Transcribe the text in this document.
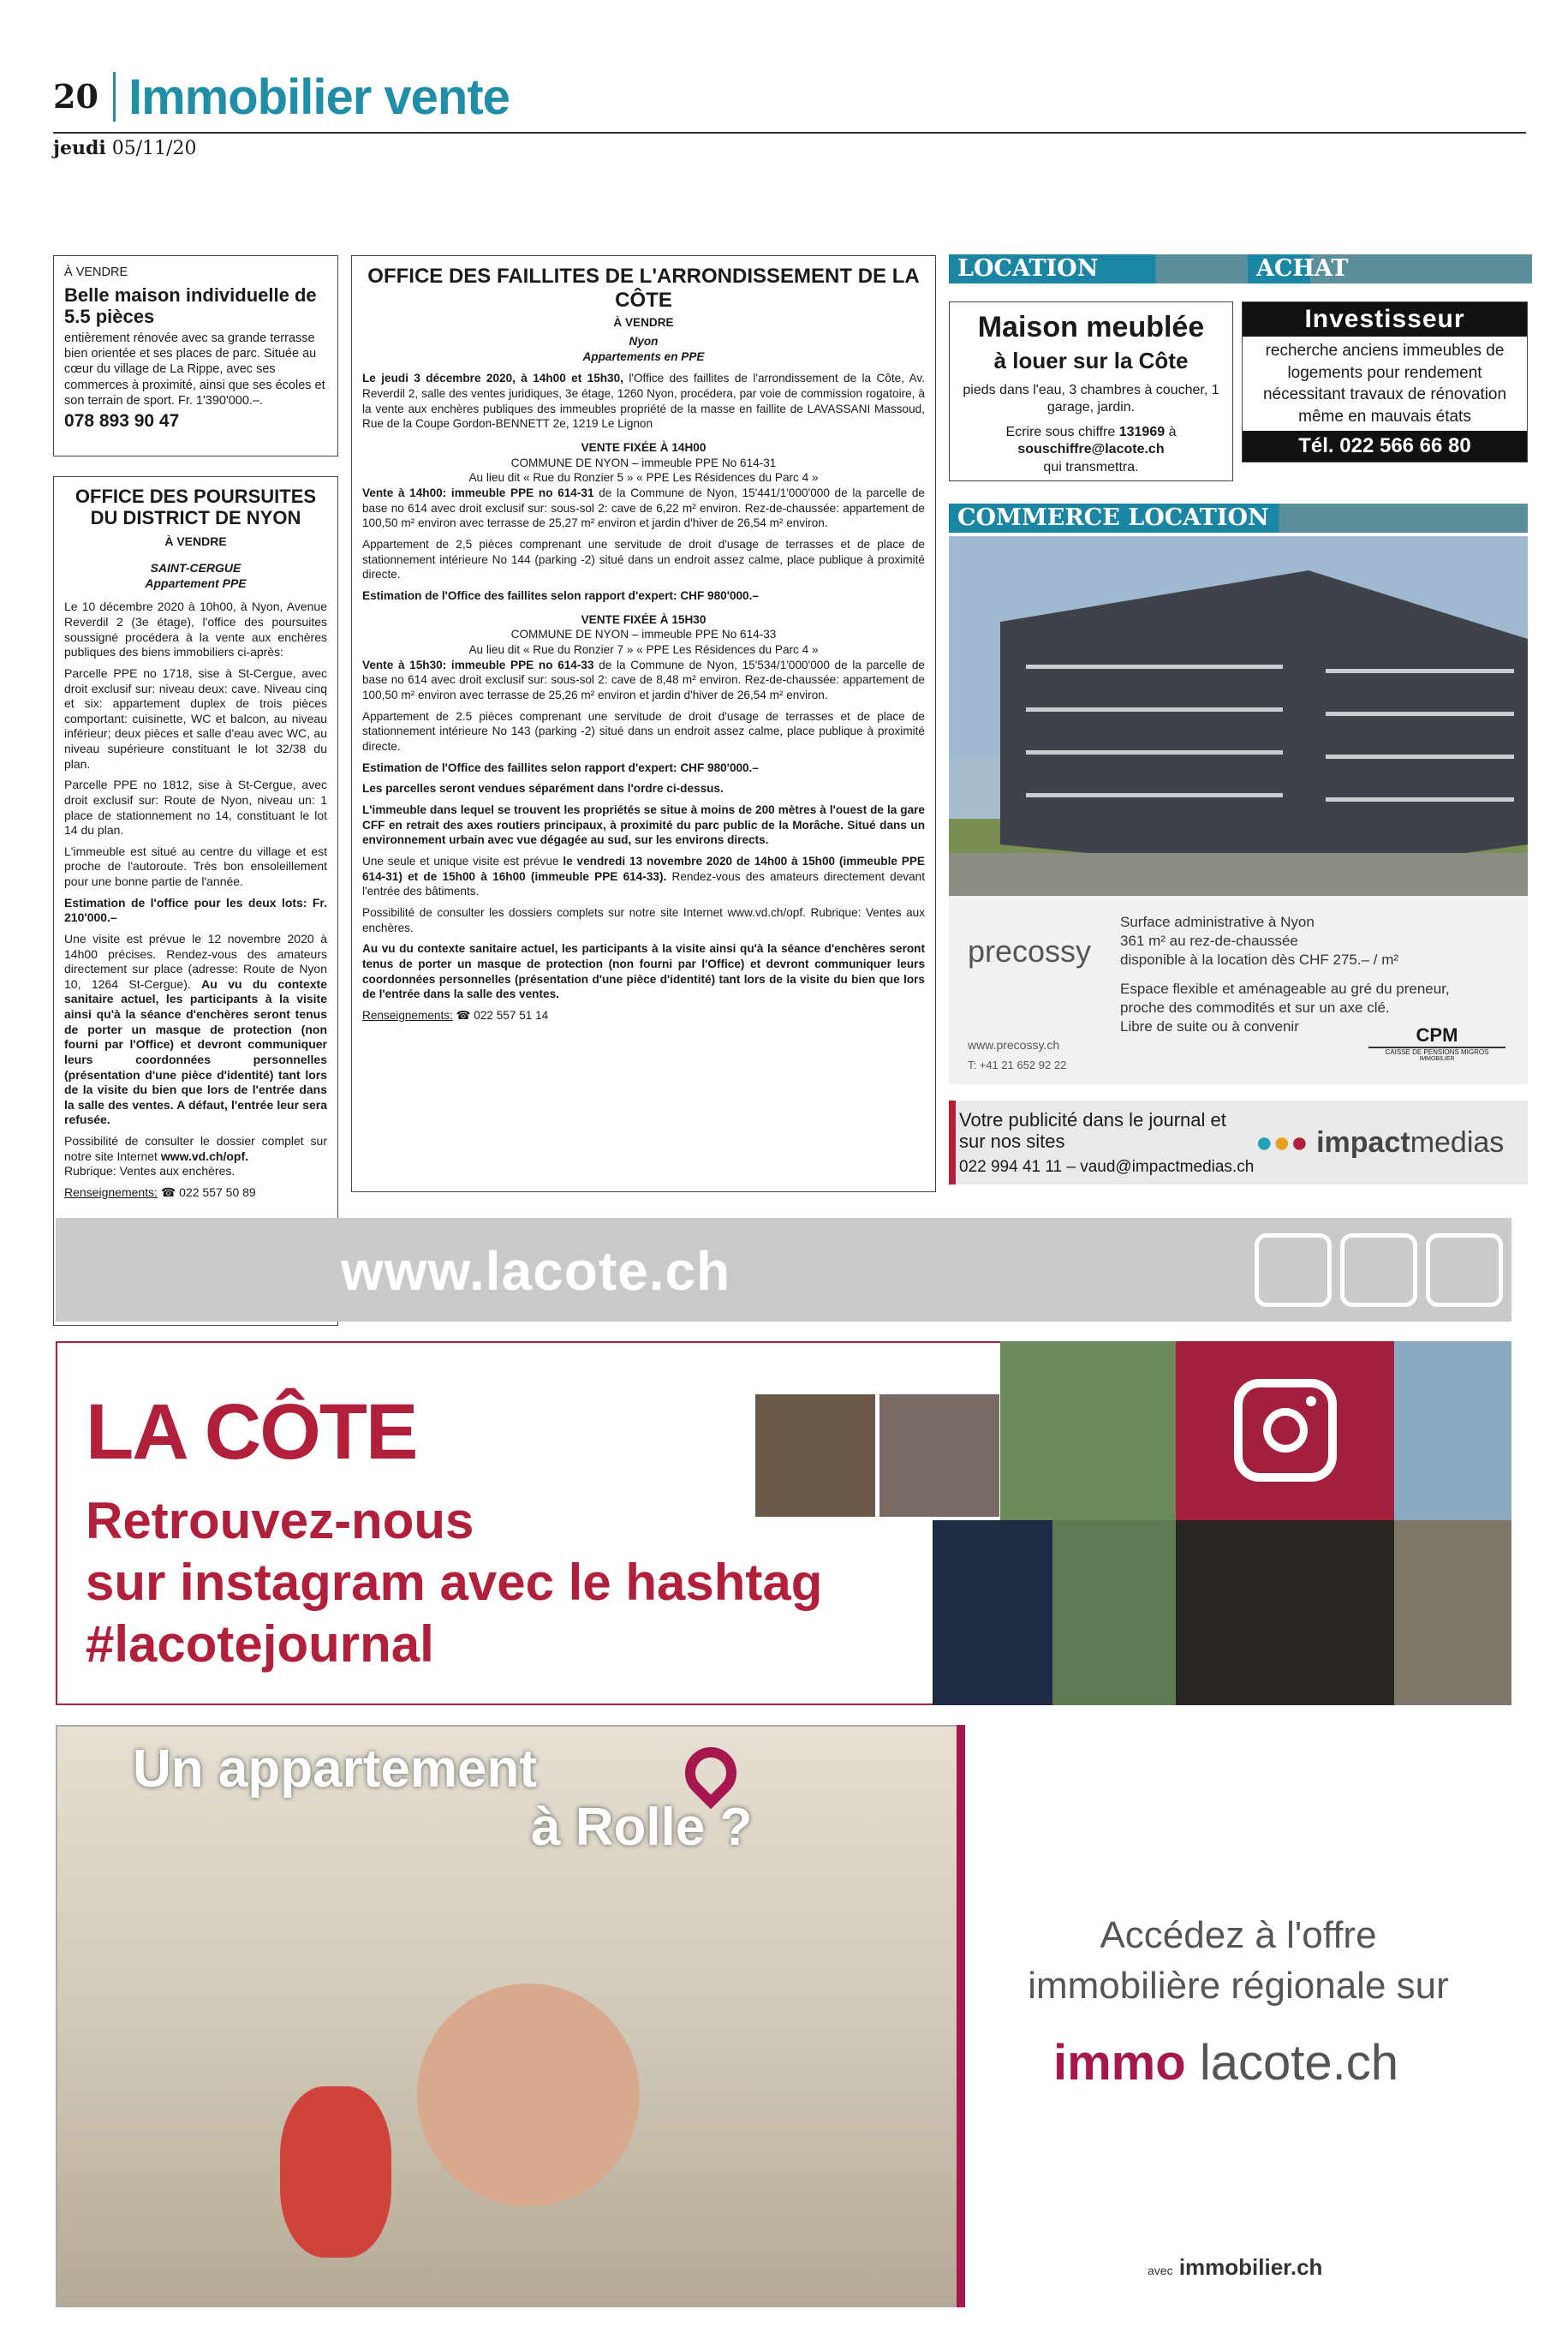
20 Immobilier vente
jeudi 05/11/20
À VENDRE
Belle maison individuelle de 5.5 pièces
entièrement rénovée avec sa grande terrasse bien orientée et ses places de parc. Située au cœur du village de La Rippe, avec ses commerces à proximité, ainsi que ses écoles et son terrain de sport. Fr. 1'390'000.–.
078 893 90 47
OFFICE DES POURSUITES DU DISTRICT DE NYON
À VENDRE
SAINT-CERGUE
Appartement PPE

Le 10 décembre 2020 à 10h00, à Nyon, Avenue Reverdil 2 (3e étage), l'office des poursuites soussigné procédera à la vente aux enchères publiques des biens immobiliers ci-après:

Parcelle PPE no 1718, sise à St-Cergue, avec droit exclusif sur: niveau deux: cave. Niveau cinq et six: appartement duplex de trois pièces comportant: cuisinette, WC et balcon, au niveau inférieur; deux pièces et salle d'eau avec WC, au niveau supérieure constituant le lot 32/38 du plan.

Parcelle PPE no 1812, sise à St-Cergue, avec droit exclusif sur: Route de Nyon, niveau un: 1 place de stationnement no 14, constituant le lot 14 du plan.

L'immeuble est situé au centre du village et est proche de l'autoroute. Très bon ensoleillement pour une bonne partie de l'année.

Estimation de l'office pour les deux lots: Fr. 210'000.–

Une visite est prévue le 12 novembre 2020 à 14h00 précises. Rendez-vous des amateurs directement sur place (adresse: Route de Nyon 10, 1264 St-Cergue). Au vu du contexte sanitaire actuel, les participants à la visite ainsi qu'à la séance d'enchères seront tenus de porter un masque de protection (non fourni par l'Office) et devront communiquer leurs coordonnées personnelles (présentation d'une pièce d'identité) tant lors de la visite du bien que lors de l'entrée dans la salle des ventes. A défaut, l'entrée leur sera refusée.

Possibilité de consulter le dossier complet sur notre site Internet www.vd.ch/opf.
Rubrique: Ventes aux enchères.

Renseignements: ☎ 022 557 50 89
OFFICE DES FAILLITES DE L'ARRONDISSEMENT DE LA CÔTE
À VENDRE
Nyon
Appartements en PPE

Le jeudi 3 décembre 2020, à 14h00 et 15h30, l'Office des faillites de l'arrondissement de la Côte, Av. Reverdil 2, salle des ventes juridiques, 3e étage, 1260 Nyon, procédera, par voie de commission rogatoire, à la vente aux enchères publiques des immeubles propriété de la masse en faillite de LAVASSANI Massoud, Rue de la Coupe Gordon-BENNETT 2e, 1219 Le Lignon

VENTE FIXÉE À 14H00
COMMUNE DE NYON – immeuble PPE No 614-31
Au lieu dit « Rue du Ronzier 5 » « PPE Les Résidences du Parc 4 »

Vente à 14h00: immeuble PPE no 614-31 de la Commune de Nyon, 15'441/1'000'000 de la parcelle de base no 614 avec droit exclusif sur: sous-sol 2: cave de 6,22 m² environ. Rez-de-chaussée: appartement de 100,50 m² environ avec terrasse de 25,27 m² environ et jardin d'hiver de 26,54 m² environ.

Appartement de 2,5 pièces comprenant une servitude de droit d'usage de terrasses et de place de stationnement intérieure No 144 (parking -2) situé dans un endroit assez calme, place publique à proximité directe.

Estimation de l'Office des faillites selon rapport d'expert: CHF 980'000.–

VENTE FIXÉE À 15H30
COMMUNE DE NYON – immeuble PPE No 614-33
Au lieu dit « Rue du Ronzier 7 » « PPE Les Résidences du Parc 4 »

Vente à 15h30: immeuble PPE no 614-33 de la Commune de Nyon, 15'534/1'000'000 de la parcelle de base no 614 avec droit exclusif sur: sous-sol 2: cave de 8,48 m² environ. Rez-de-chaussée: appartement de 100,50 m² environ avec terrasse de 25,26 m² environ et jardin d'hiver de 26,54 m² environ.

Appartement de 2.5 pièces comprenant une servitude de droit d'usage de terrasses et de place de stationnement intérieure No 143 (parking -2) situé dans un endroit assez calme, place publique à proximité directe.

Estimation de l'Office des faillites selon rapport d'expert: CHF 980'000.–

Les parcelles seront vendues séparément dans l'ordre ci-dessus.

L'immeuble dans lequel se trouvent les propriétés se situe à moins de 200 mètres à l'ouest de la gare CFF en retrait des axes routiers principaux, à proximité du parc public de la Morâche. Situé dans un environnement urbain avec vue dégagée au sud, sur les environs directs.

Une seule et unique visite est prévue le vendredi 13 novembre 2020 de 14h00 à 15h00 (immeuble PPE 614-31) et de 15h00 à 16h00 (immeuble PPE 614-33). Rendez-vous des amateurs directement devant l'entrée des bâtiments.

Possibilité de consulter les dossiers complets sur notre site Internet www.vd.ch/opf. Rubrique: Ventes aux enchères.

Au vu du contexte sanitaire actuel, les participants à la visite ainsi qu'à la séance d'enchères seront tenus de porter un masque de protection (non fourni par l'Office) et devront communiquer leurs coordonnées personnelles (présentation d'une pièce d'identité) tant lors de la visite du bien que lors de l'entrée dans la salle des ventes.

Renseignements: ☎ 022 557 51 14
LOCATION
Maison meublée
à louer sur la Côte
pieds dans l'eau, 3 chambres à coucher, 1 garage, jardin.
Ecrire sous chiffre 131969 à
souschiffre@lacote.ch
qui transmettra.
ACHAT
Investisseur
recherche anciens immeubles de logements pour rendement nécessitant travaux de rénovation même en mauvais états
Tél. 022 566 66 80
COMMERCE LOCATION
precossy
Surface administrative à Nyon
361 m² au rez-de-chaussée
disponible à la location dès CHF 275.– / m²
Espace flexible et aménageable au gré du preneur,
proche des commodités et sur un axe clé.
Libre de suite ou à convenir
www.precossy.ch
T: +41 21 652 92 22
CPM
CAISSE DE PENSIONS MIGROS
IMMOBILIER
Votre publicité dans le journal et
sur nos sites
022 994 41 11 – vaud@impactmedias.ch
●●● impactmedias
www.lacote.ch
LA CÔTE
Retrouvez-nous
sur instagram avec le hashtag
#lacotejournal
Un appartement
à Rolle ?
Accédez à l'offre
immobilière régionale sur
immo lacote.ch
avec immobilier.ch
